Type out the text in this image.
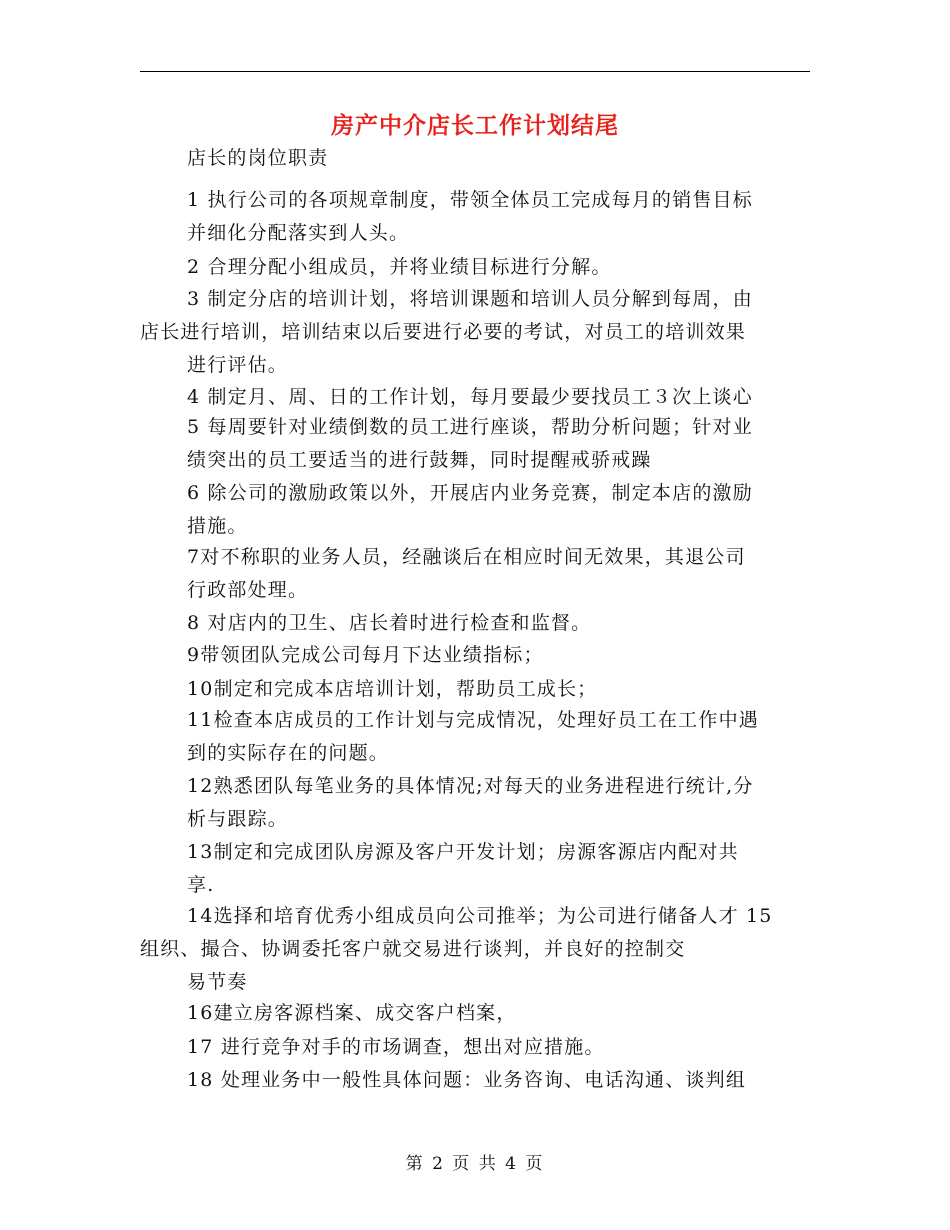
房产中介店长工作计划结尾

店长的岗位职责

1 执行公司的各项规章制度，带领全体员工完成每月的销售目标
并细化分配落实到人头。

2 合理分配小组成员，并将业绩目标进行分解。

3 制定分店的培训计划，将培训课题和培训人员分解到每周，由
店长进行培训，培训结束以后要进行必要的考试，对员工的培训效果
进行评估。

4 制定月、周、日的工作计划，每月要最少要找员工３次上谈心

5 每周要针对业绩倒数的员工进行座谈，帮助分析问题；针对业
绩突出的员工要适当的进行鼓舞，同时提醒戒骄戒躁

6 除公司的激励政策以外，开展店内业务竞赛，制定本店的激励
措施。

7对不称职的业务人员，经融谈后在相应时间无效果，其退公司
行政部处理。

8 对店内的卫生、店长着时进行检查和监督。

9带领团队完成公司每月下达业绩指标；

10制定和完成本店培训计划，帮助员工成长；

11检查本店成员的工作计划与完成情况，处理好员工在工作中遇
到的实际存在的问题。

12熟悉团队每笔业务的具体情况;对每天的业务进程进行统计,分
析与跟踪。

13制定和完成团队房源及客户开发计划；房源客源店内配对共
享.

14选择和培育优秀小组成员向公司推举；为公司进行储备人才 15
组织、撮合、协调委托客户就交易进行谈判，并良好的控制交
易节奏

16建立房客源档案、成交客户档案，

17 进行竞争对手的市场调查，想出对应措施。

18 处理业务中一般性具体问题：业务咨询、电话沟通、谈判组

第 2 页 共 4 页
